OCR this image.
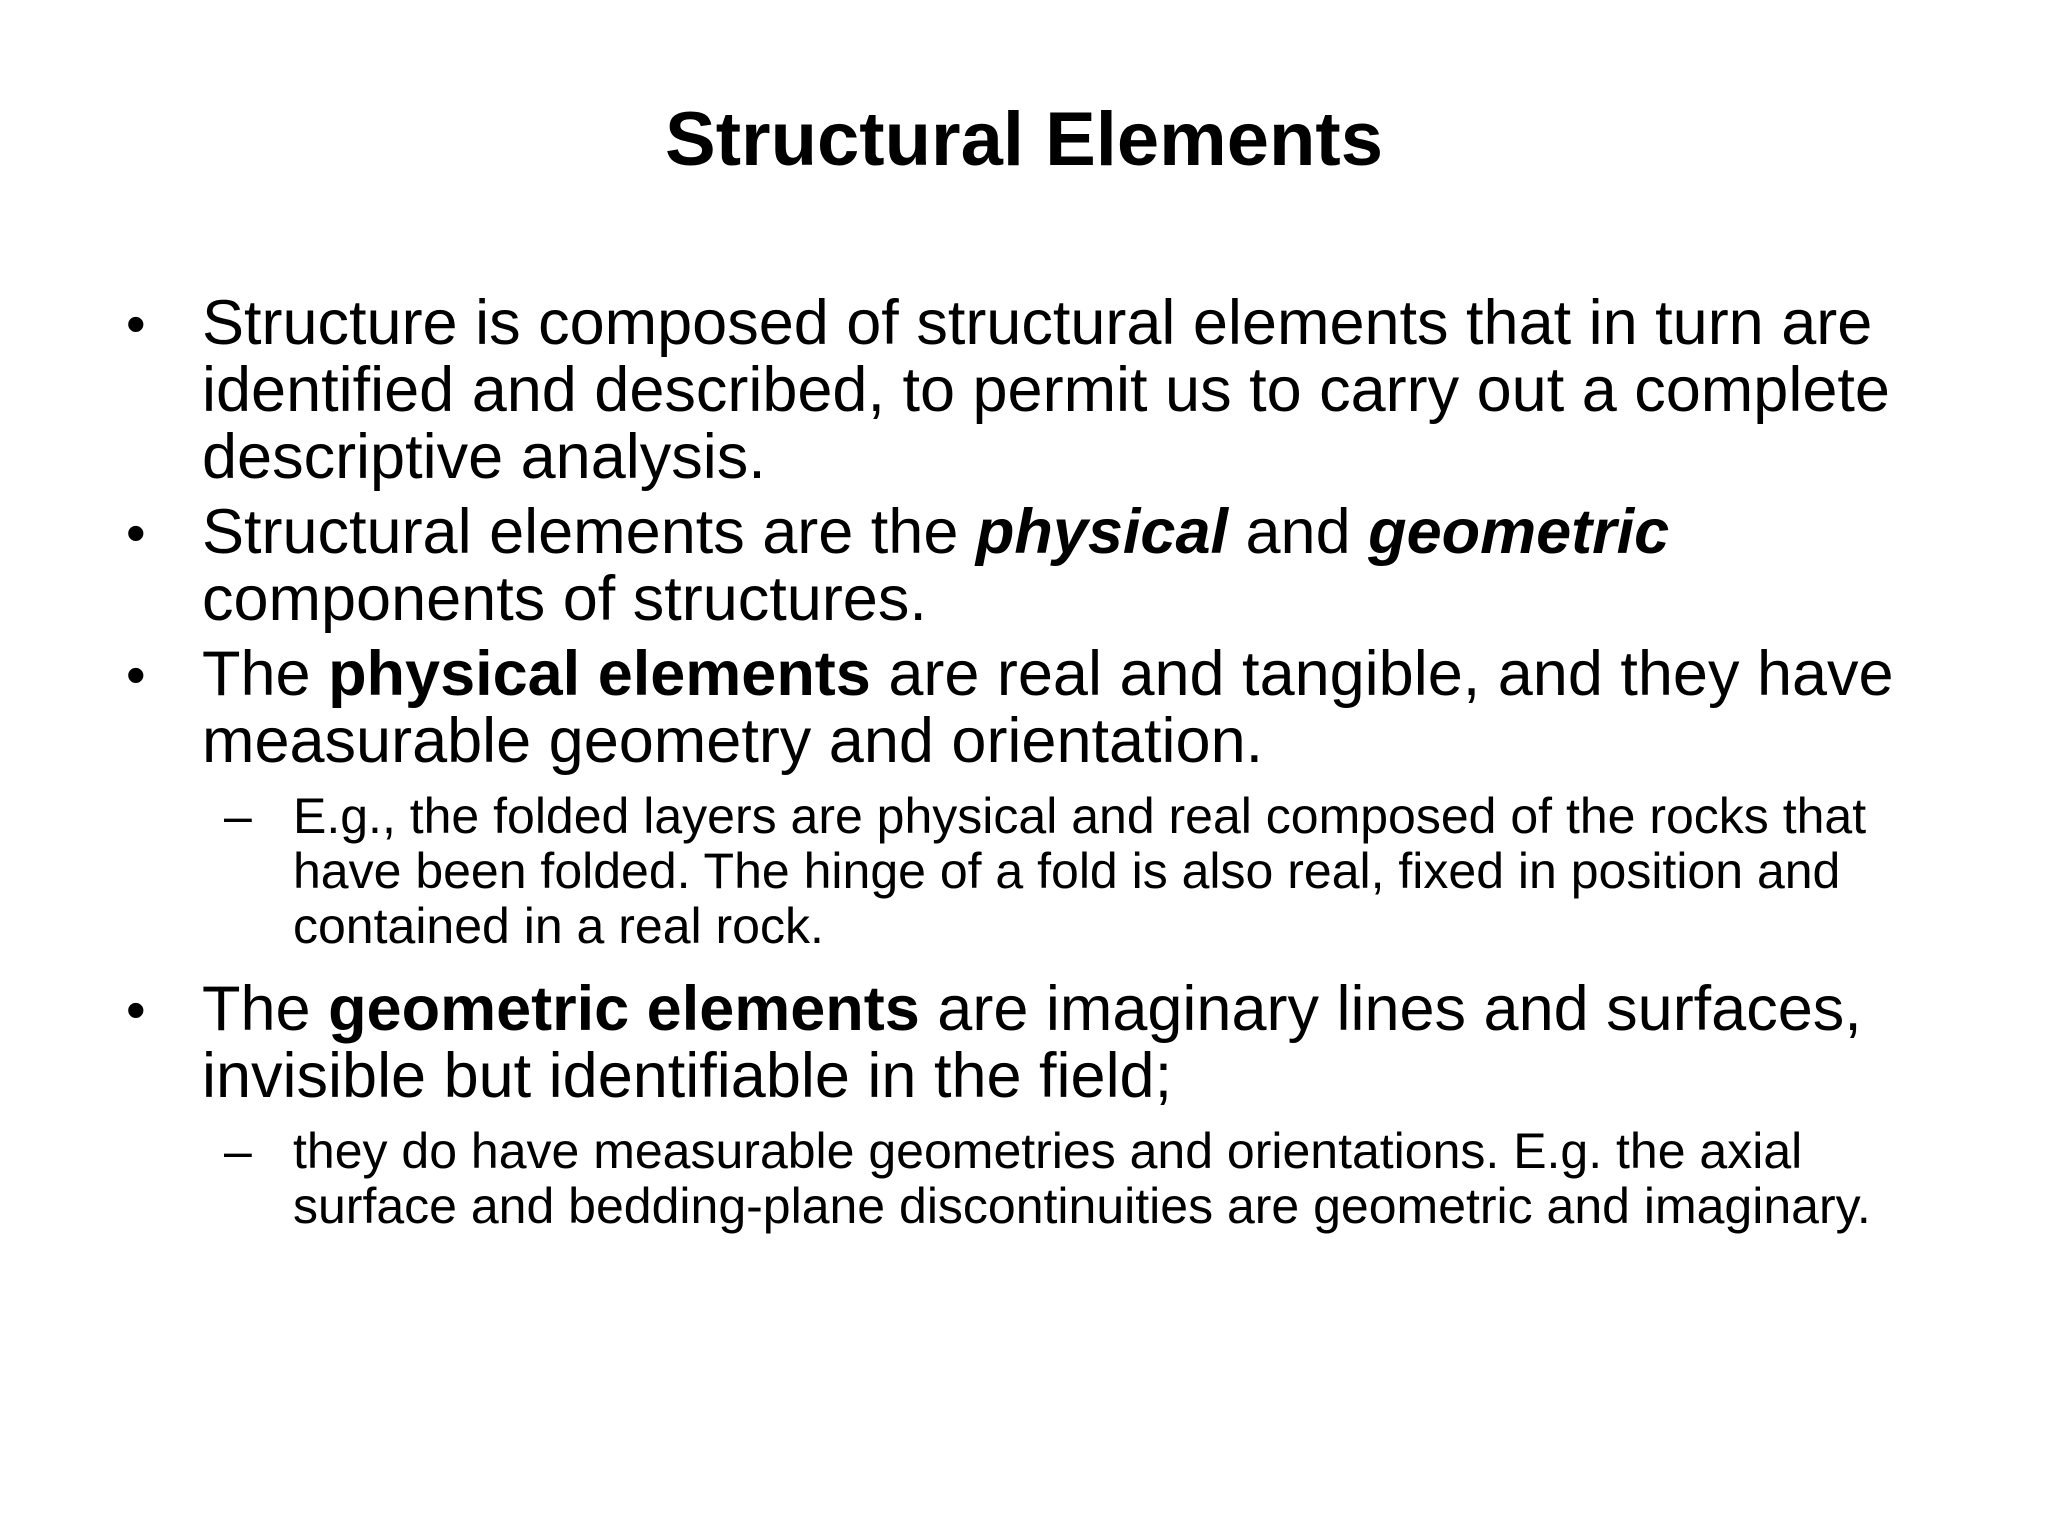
Structural Elements
• Structure is composed of structural elements that in turn are identified and described, to permit us to carry out a complete descriptive analysis.
• Structural elements are the physical and geometric components of structures.
• The physical elements are real and tangible, and they have measurable geometry and orientation.
– E.g., the folded layers are physical and real composed of the rocks that have been folded. The hinge of a fold is also real, fixed in position and contained in a real rock.
• The geometric elements are imaginary lines and surfaces, invisible but identifiable in the field;
– they do have measurable geometries and orientations. E.g. the axial surface and bedding-plane discontinuities are geometric and imaginary.
